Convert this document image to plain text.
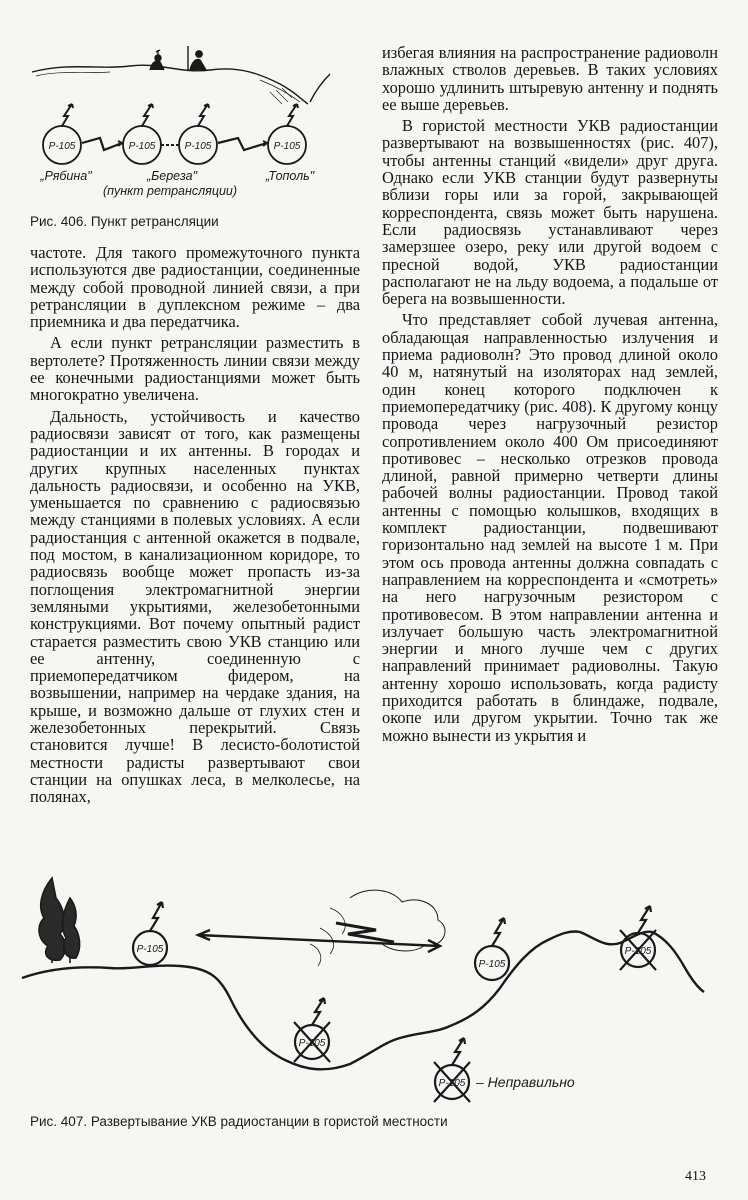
Р-105	Р-105	Р-105	Р-105
„Рябина"	„Береза"	„Тополь"
(пункт ретрансляции)
Рис. 406. Пункт ретрансляции

частоте. Для такого промежуточного пункта используются две радиостанции, соединенные между собой проводной линией связи, а при ретрансляции в дуплексном режиме – два приемника и два передатчика.

А если пункт ретрансляции разместить в вертолете? Протяженность линии связи между ее конечными радиостанциями может быть многократно увеличена.

Дальность, устойчивость и качество радиосвязи зависят от того, как размещены радиостанции и их антенны. В городах и других крупных населенных пунктах дальность радиосвязи, и особенно на УКВ, уменьшается по сравнению с радиосвязью между станциями в полевых условиях. А если радиостанция с антенной окажется в подвале, под мостом, в канализационном коридоре, то радиосвязь вообще может пропасть из-за поглощения электромагнитной энергии земляными укрытиями, железобетонными конструкциями. Вот почему опытный радист старается разместить свою УКВ станцию или ее антенну, соединенную с приемопередатчиком фидером, на возвышении, например на чердаке здания, на крыше, и возможно дальше от глухих стен и железобетонных перекрытий. Связь становится лучше! В лесисто-болотистой местности радисты развертывают свои станции на опушках леса, в мелколесье, на полянах,

избегая влияния на распространение радиоволн влажных стволов деревьев. В таких условиях хорошо удлинить штыревую антенну и поднять ее выше деревьев.

В гористой местности УКВ радиостанции развертывают на возвышенностях (рис. 407), чтобы антенны станций «видели» друг друга. Однако если УКВ станции будут развернуты вблизи горы или за горой, закрывающей корреспондента, связь может быть нарушена. Если радиосвязь устанавливают через замерзшее озеро, реку или другой водоем с пресной водой, УКВ радиостанции располагают не на льду водоема, а подальше от берега на возвышенности.

Что представляет собой лучевая антенна, обладающая направленностью излучения и приема радиоволн? Это провод длиной около 40 м, натянутый на изоляторах над землей, один конец которого подключен к приемопередатчику (рис. 408). К другому концу провода через нагрузочный резистор сопротивлением около 400 Ом присоединяют противовес – несколько отрезков провода длиной, равной примерно четверти длины рабочей волны радиостанции. Провод такой антенны с помощью колышков, входящих в комплект радиостанции, подвешивают горизонтально над землей на высоте 1 м. При этом ось провода антенны должна совпадать с направлением на корреспондента и «смотреть» на него нагрузочным резистором с противовесом. В этом направлении антенна и излучает большую часть электромагнитной энергии и много лучше чем с других направлений принимает радиоволны. Такую антенну хорошо использовать, когда радисту приходится работать в блиндаже, подвале, окопе или другом укрытии. Точно так же можно вынести из укрытия и

Р-105
Р-105
Р-105
Р-105
Р-105 – Неправильно
Рис. 407. Развертывание УКВ радиостанции в гористой местности
413
